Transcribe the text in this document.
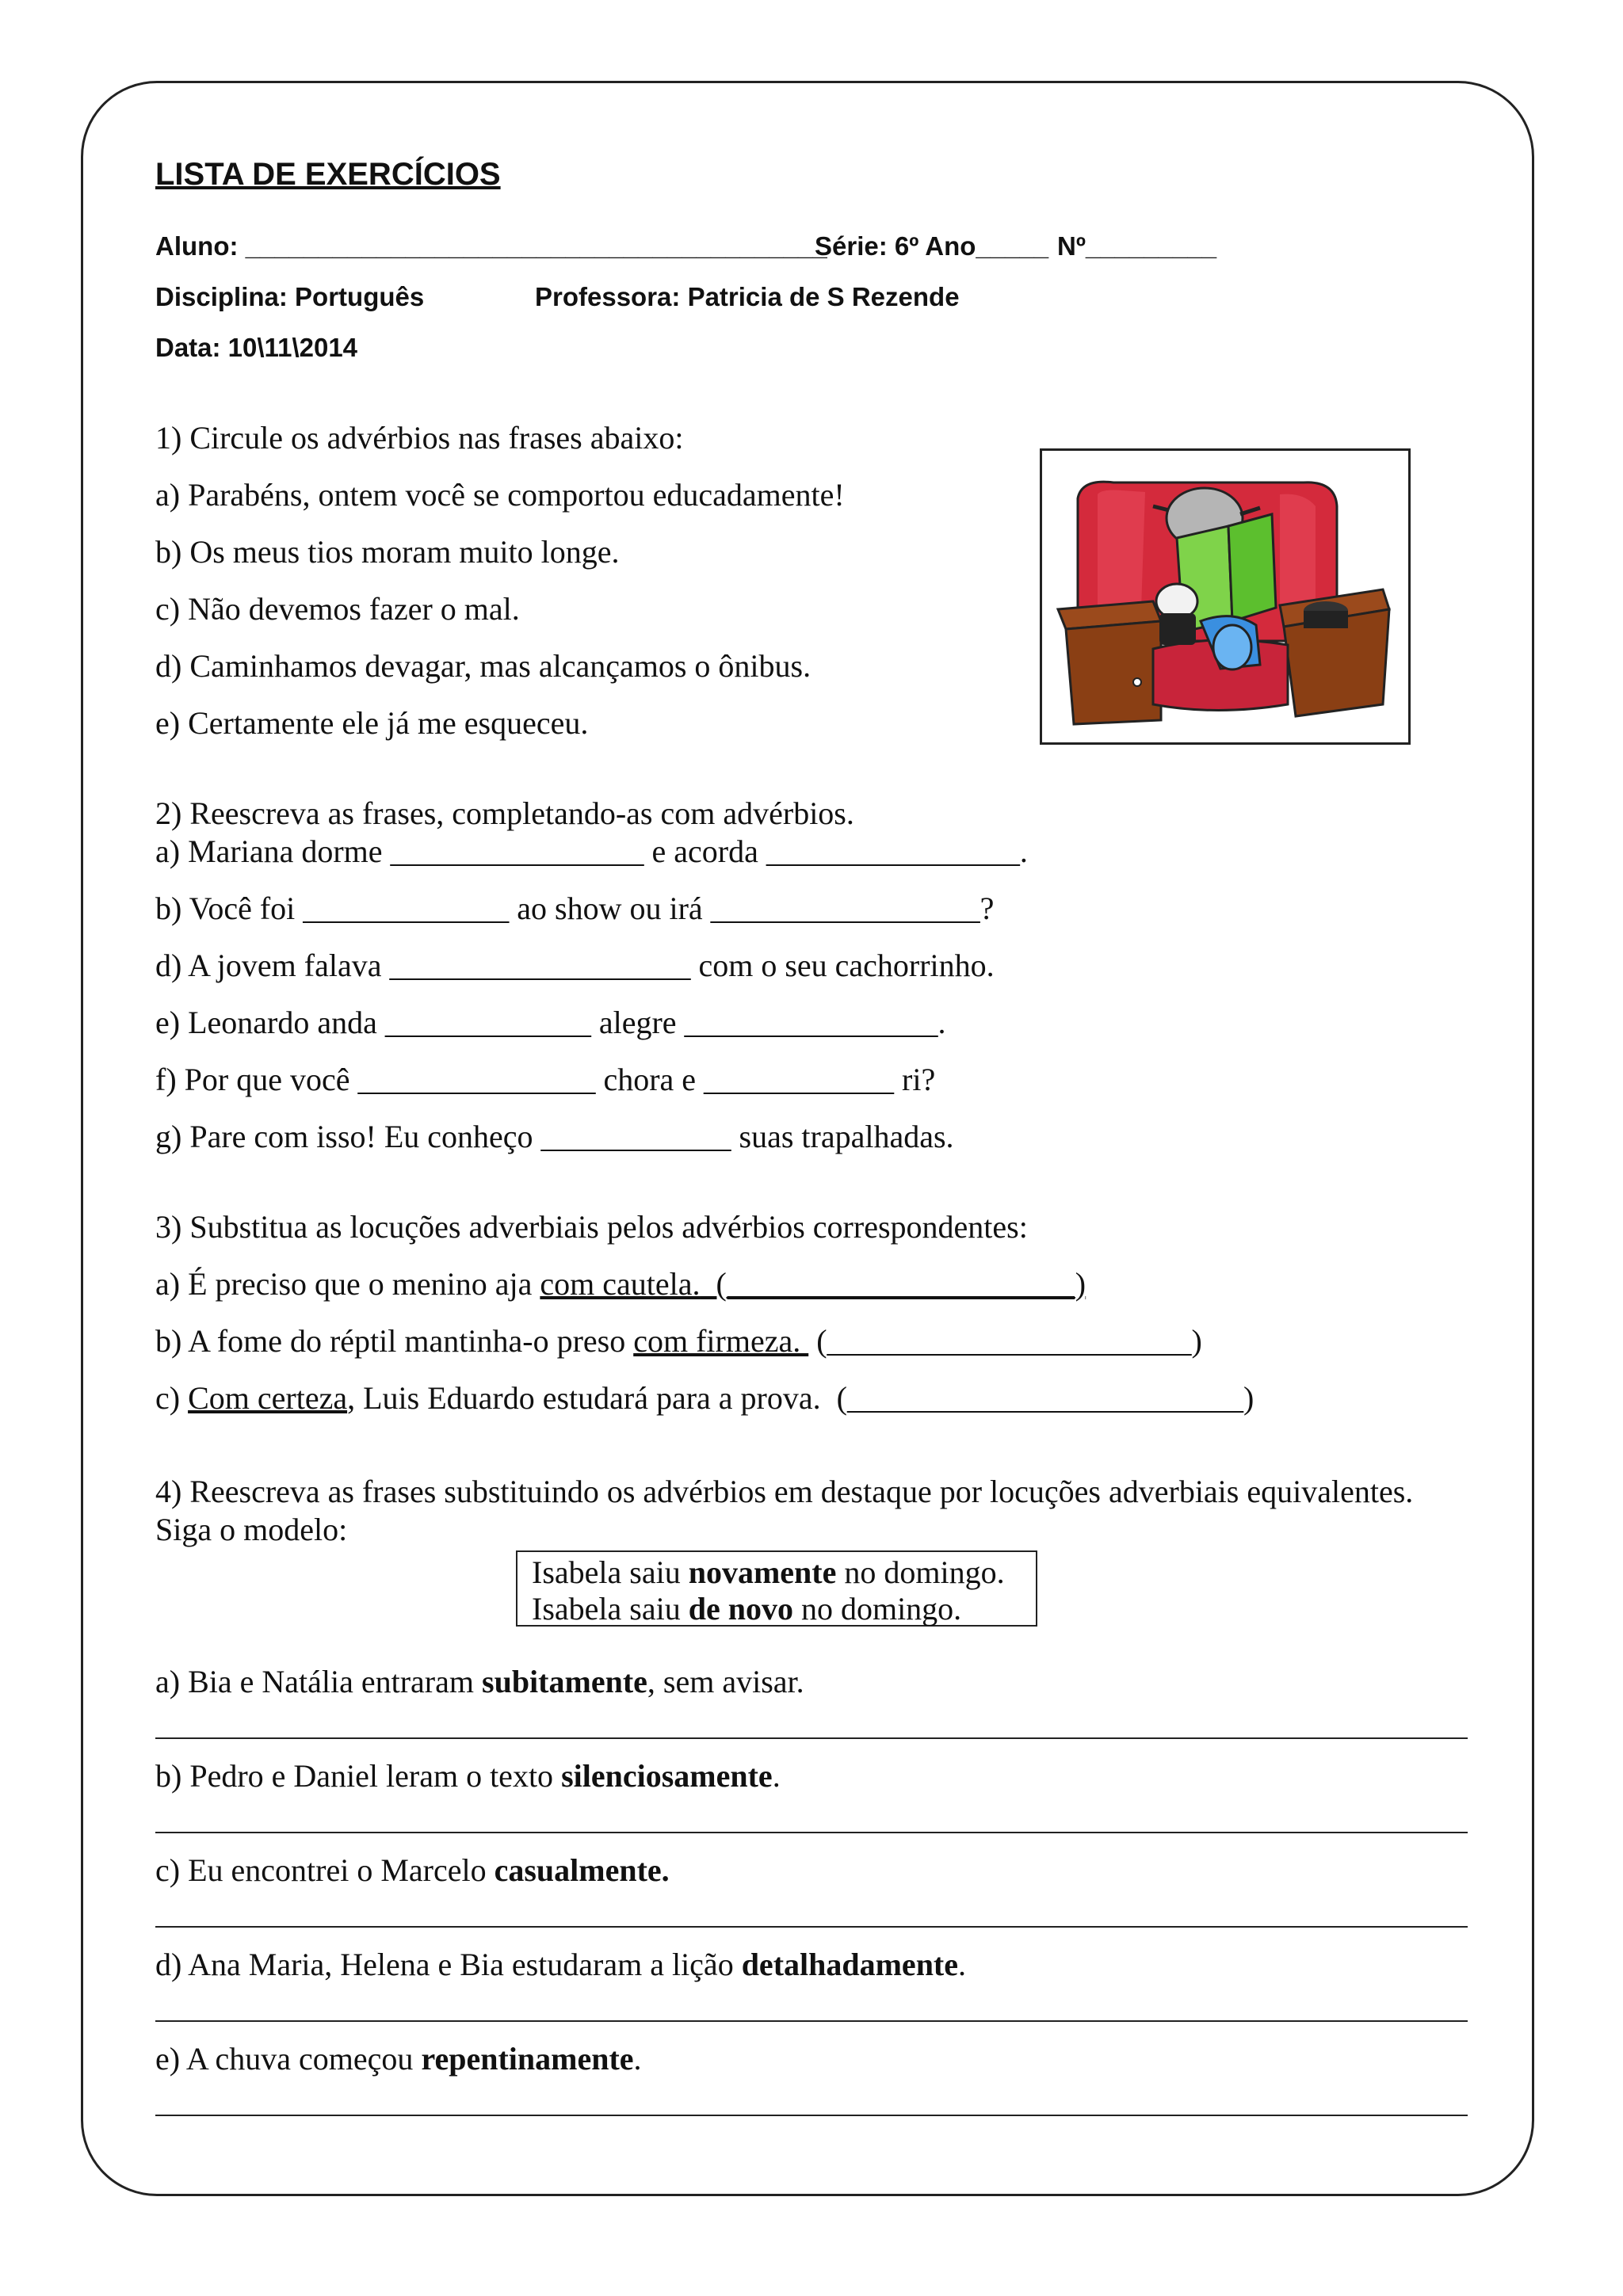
LISTA DE EXERCÍCIOS
Aluno: ________________________________________
Série: 6º Ano_____ Nº_________
Disciplina: Português	Professora: Patricia de S Rezende
Data: 10\11\2014
1) Circule os advérbios nas frases abaixo:
a) Parabéns, ontem você se comportou educadamente!
b) Os meus tios moram muito longe.
c) Não devemos fazer o mal.
d) Caminhamos devagar, mas alcançamos o ônibus.
e) Certamente ele já me esqueceu.
2) Reescreva as frases, completando-as com advérbios.
a) Mariana dorme ________________ e acorda ________________.
b) Você foi _____________ ao show ou irá _________________?
d) A jovem falava ___________________ com o seu cachorrinho.
e) Leonardo anda _____________ alegre ________________.
f) Por que você _______________ chora e ____________ ri?
g) Pare com isso! Eu conheço ____________ suas trapalhadas.
3) Substitua as locuções adverbiais pelos advérbios correspondentes:
a) É preciso que o menino aja com cautela.  (______________________)
b) A fome do réptil mantinha-o preso com firmeza.  (_______________________)
c) Com certeza, Luis Eduardo estudará para a prova.  (_________________________)
4) Reescreva as frases substituindo os advérbios em destaque por locuções adverbiais equivalentes.
Siga o modelo:
Isabela saiu novamente no domingo.
Isabela saiu de novo no domingo.
a) Bia e Natália entraram subitamente, sem avisar.
b) Pedro e Daniel leram o texto silenciosamente.
c) Eu encontrei o Marcelo casualmente.
d) Ana Maria, Helena e Bia estudaram a lição detalhadamente.
e) A chuva começou repentinamente.
